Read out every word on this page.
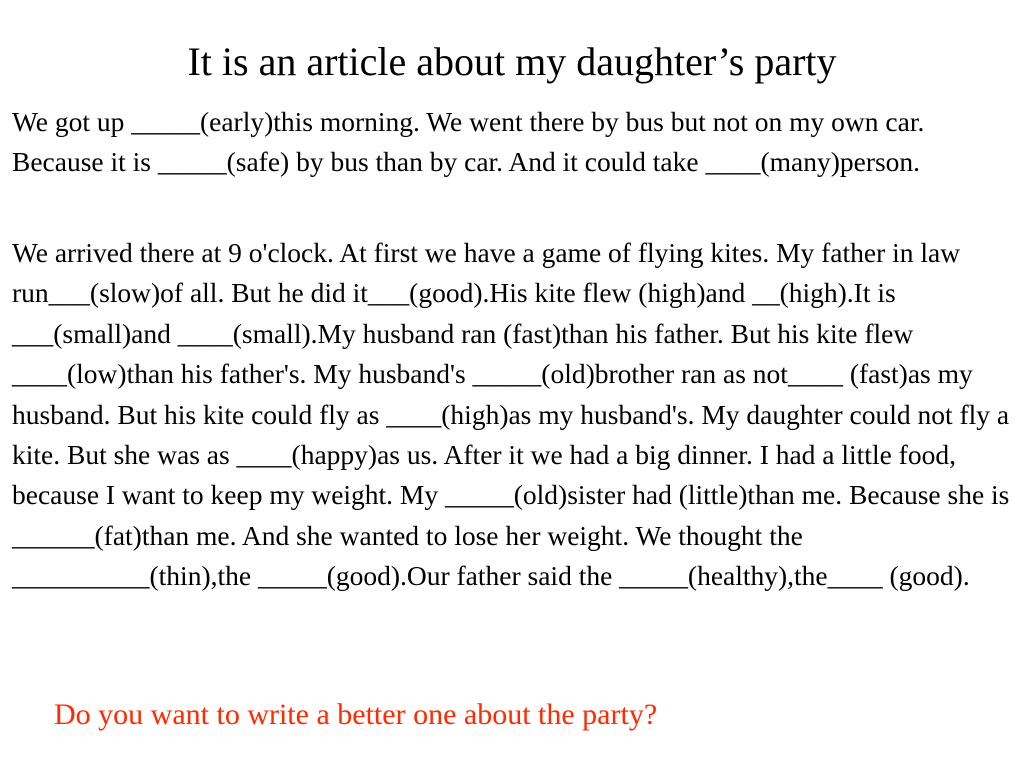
It is an article about my daughter’s party

We got up _____(early)this morning. We went there by bus but not on my own car. Because it is _____(safe) by bus than by car. And it could take ____(many)person.

We arrived there at 9 o'clock. At first we have a game of flying kites. My father in law run___(slow)of all. But he did it___(good).His kite flew (high)and __(high).It is ___(small)and ____(small).My husband ran (fast)than his father. But his kite flew ____(low)than his father's. My husband's _____(old)brother ran as not____ (fast)as my husband. But his kite could fly as ____(high)as my husband's. My daughter could not fly a kite. But she was as ____(happy)as us. After it we had a big dinner. I had a little food, because I want to keep my weight. My _____(old)sister had (little)than me. Because she is ______(fat)than me. And she wanted to lose her weight. We thought the __________(thin),the _____(good).Our father said the _____(healthy),the____ (good).

Do you want to write a better one about the party?
